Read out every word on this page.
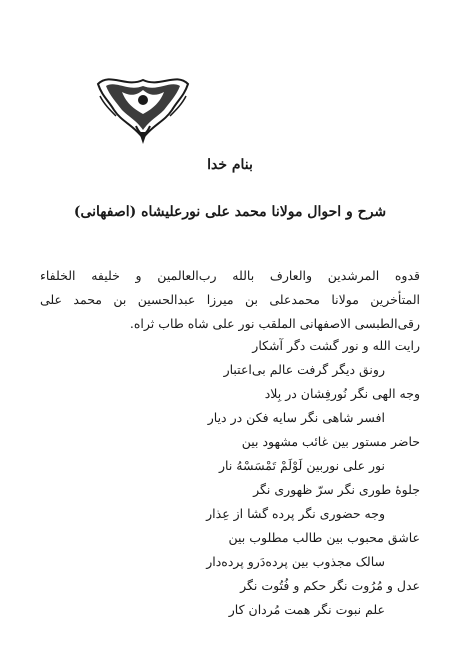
بنام خدا
شرح و احوال مولانا محمد علی نورعلیشاه (اصفهانی)
قدوه المرشدین والعارف بالله رب‌العالمین و خلیفه الخلفاء
المتأخرین مولانا محمدعلی بن میرزا عبدالحسین بن محمد علی
رقی‌الطبسی الاصفهانی الملقب نور علی شاه طاب ثراه.
رایت الله و نور گشت دگر آشکار
رونق دیگر گرفت عالم بی‌اعتبار
وجه الهی نگر نُورفِشان در بِلاد
افسر شاهی نگر سایه فکن در دیار
حاضر مستور بین غائب مشهود بین
نور علی نوربین لَوْلَمْ تَمْسَسْهُ نار
جلوهٔ طوری نگر سرّ ظهوری نگر
وجه حضوری نگر پرده گشا از عِذار
عاشق محبوب بین طالب مطلوب بین
سالک مجذوب بین پرده‌دَرو پرده‌دار
عدل و مُرُوت نگر حکم و فُتُوت نگر
علم نبوت نگر همت مُردان کار
